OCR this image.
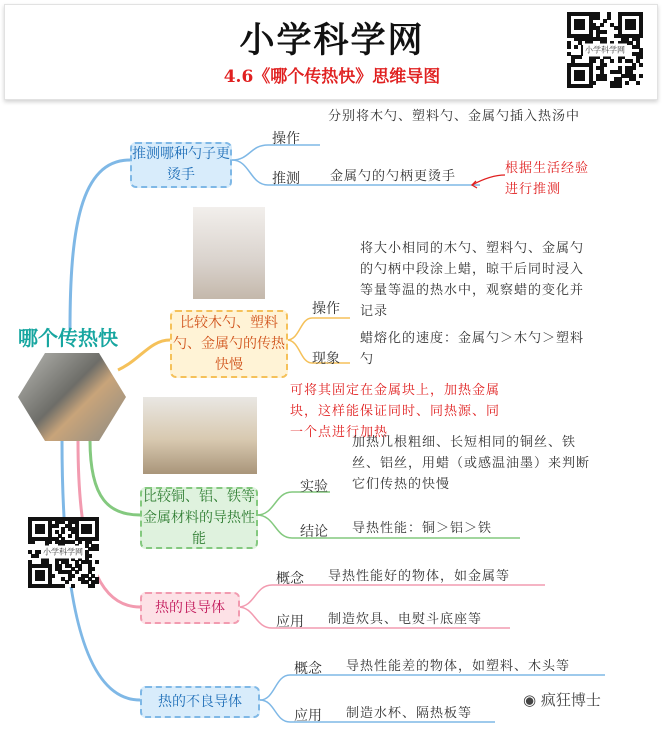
小学科学网
4.6《哪个传热快》思维导图
小学科学网
哪个传热快
小学科学网
推测哪种勺子更烫手
操作
分别将木勺、塑料勺、金属勺插入热汤中
推测 金属勺的勺柄更烫手
根据生活经验进行推测
比较木勺、塑料勺、金属勺的传热快慢
操作
将大小相同的木勺、塑料勺、金属勺的勺柄中段涂上蜡，晾干后同时浸入等量等温的热水中，观察蜡的变化并记录
现象
蜡熔化的速度：金属勺＞木勺＞塑料勺
可将其固定在金属块上，加热金属块，这样能保证同时、同热源、同一个点进行加热
比较铜、铝、铁等金属材料的导热性能
实验
加热几根粗细、长短相同的铜丝、铁丝、铝丝，用蜡（或感温油墨）来判断它们传热的快慢
结论 导热性能：铜＞铝＞铁
热的良导体
概念 导热性能好的物体，如金属等
应用 制造炊具、电熨斗底座等
热的不良导体
概念 导热性能差的物体，如塑料、木头等
应用 制造水杯、隔热板等
◉ 疯狂博士
